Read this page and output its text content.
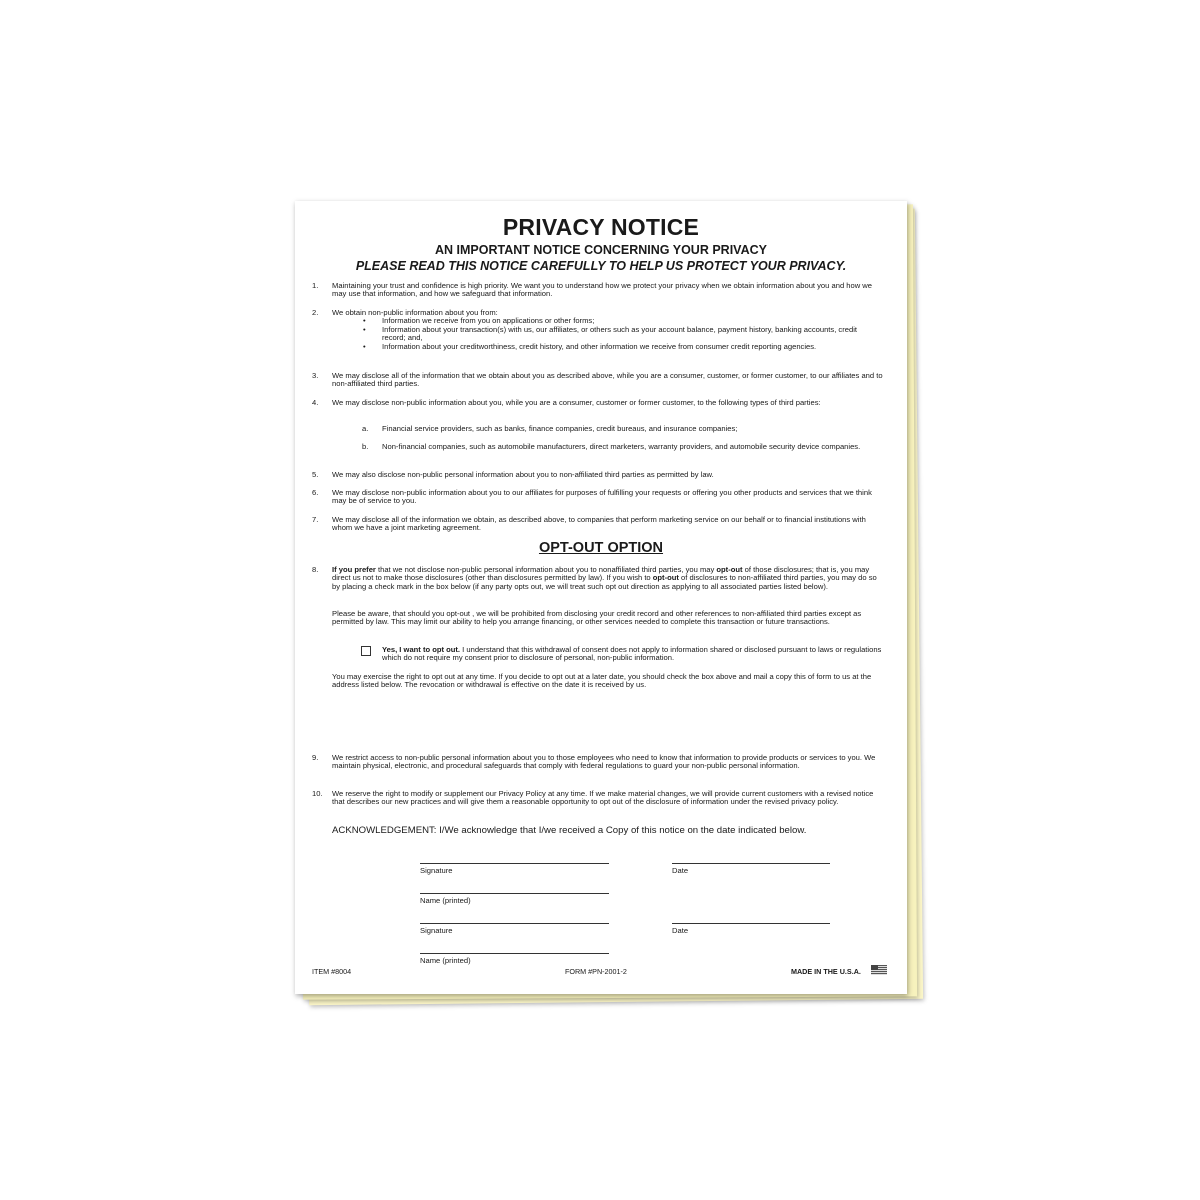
PRIVACY NOTICE
AN IMPORTANT NOTICE CONCERNING YOUR PRIVACY
PLEASE READ THIS NOTICE CAREFULLY TO HELP US PROTECT YOUR PRIVACY.
1.	Maintaining your trust and confidence is high priority. We want you to understand how we protect your privacy when we obtain information about you and how we may use that information, and how we safeguard that information.
2.	We obtain non-public information about you from:
• Information we receive from you on applications or other forms;
• Information about your transaction(s) with us, our affiliates, or others such as your account balance, payment history, banking accounts, credit record; and,
• Information about your creditworthiness, credit history, and other information we receive from consumer credit reporting agencies.
3.	We may disclose all of the information that we obtain about you as described above, while you are a consumer, customer, or former customer, to our affiliates and to non-affiliated third parties.
4.	We may disclose non-public information about you, while you are a consumer, customer or former customer, to the following types of third parties:
a. Financial service providers, such as banks, finance companies, credit bureaus, and insurance companies;
b. Non-financial companies, such as automobile manufacturers, direct marketers, warranty providers, and automobile security device companies.
5.	We may also disclose non-public personal information about you to non-affiliated third parties as permitted by law.
6.	We may disclose non-public information about you to our affiliates for purposes of fulfilling your requests or offering you other products and services that we think may be of service to you.
7.	We may disclose all of the information we obtain, as described above, to companies that perform marketing service on our behalf or to financial institutions with whom we have a joint marketing agreement.
OPT-OUT OPTION
8.	If you prefer that we not disclose non-public personal information about you to nonaffiliated third parties, you may opt-out of those disclosures; that is, you may direct us not to make those disclosures (other than disclosures permitted by law). If you wish to opt-out of disclosures to non-affiliated third parties, you may do so by placing a check mark in the box below (if any party opts out, we will treat such opt out direction as applying to all associated parties listed below).
Please be aware, that should you opt-out , we will be prohibited from disclosing your credit record and other references to non-affiliated third parties except as permitted by law. This may limit our ability to help you arrange financing, or other services needed to complete this transaction or future transactions.
Yes, I want to opt out. I understand that this withdrawal of consent does not apply to information shared or disclosed pursuant to laws or regulations which do not require my consent prior to disclosure of personal, non-public information.
You may exercise the right to opt out at any time. If you decide to opt out at a later date, you should check the box above and mail a copy this of form to us at the address listed below. The revocation or withdrawal is effective on the date it is received by us.
9.	We restrict access to non-public personal information about you to those employees who need to know that information to provide products or services to you. We maintain physical, electronic, and procedural safeguards that comply with federal regulations to guard your non-public personal information.
10.	We reserve the right to modify or supplement our Privacy Policy at any time. If we make material changes, we will provide current customers with a revised notice that describes our new practices and will give them a reasonable opportunity to opt out of the disclosure of information under the revised privacy policy.
ACKNOWLEDGEMENT: I/We acknowledge that I/we received a Copy of this notice on the date indicated below.
Signature	Date
Name (printed)
Signature	Date
Name (printed)
ITEM #8004	FORM #PN-2001-2	MADE IN THE U.S.A.
